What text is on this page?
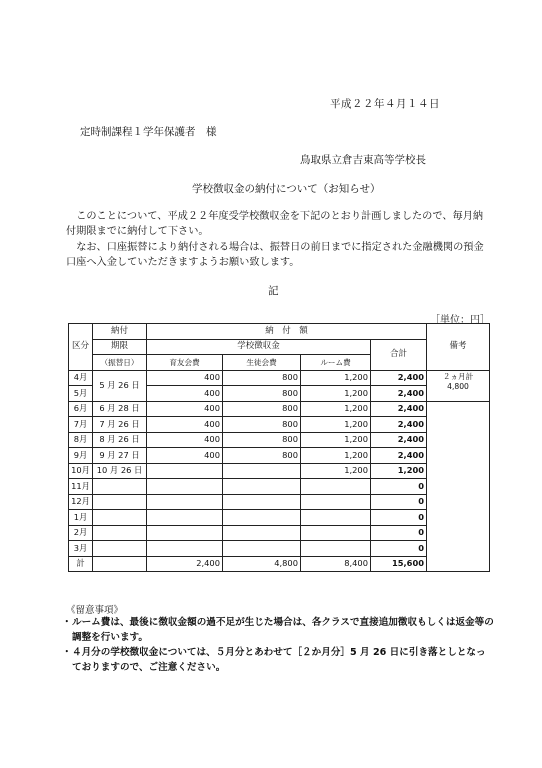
平成２２年４月１４日
定時制課程１学年保護者　様
鳥取県立倉吉東高等学校長
学校徴収金の納付について（お知らせ）

このことについて、平成２２年度受学校徴収金を下記のとおり計画しましたので、毎月納付期限までに納付して下さい。

なお、口座振替により納付される場合は、振替日の前日までに指定された金融機関の預金口座へ入金していただきますようお願い致します。

記
［単位：円］
区分	納付	納　付　額				備考
	期限	学校徴収金			合計	
	（振替日）	育友会費	生徒会費	ルーム費		
4月	5 月 26 日	400	800	1,200	2,400	２ヵ月計
4,800

5月		400	800	1,200	2,400	
6月	6 月 28 日	400	800	1,200	2,400	
7月	7 月 26 日	400	800	1,200	2,400	
8月	8 月 26 日	400	800	1,200	2,400	
9月	9 月 27 日	400	800	1,200	2,400	
10月	10 月 26 日			1,200	1,200	
11月					0	
12月					0	
1月					0	
2月					0	
3月					0	
計		2,400	4,800	8,400	15,600	
《留意事項》
・ルーム費は、最後に徴収金額の過不足が生じた場合は、各クラスで直接追加徴収もしくは返金等の調整を行います。
・４月分の学校徴収金については、５月分とあわせて［２か月分］5 月 26 日に引き落としとなっておりますので、ご注意ください。
